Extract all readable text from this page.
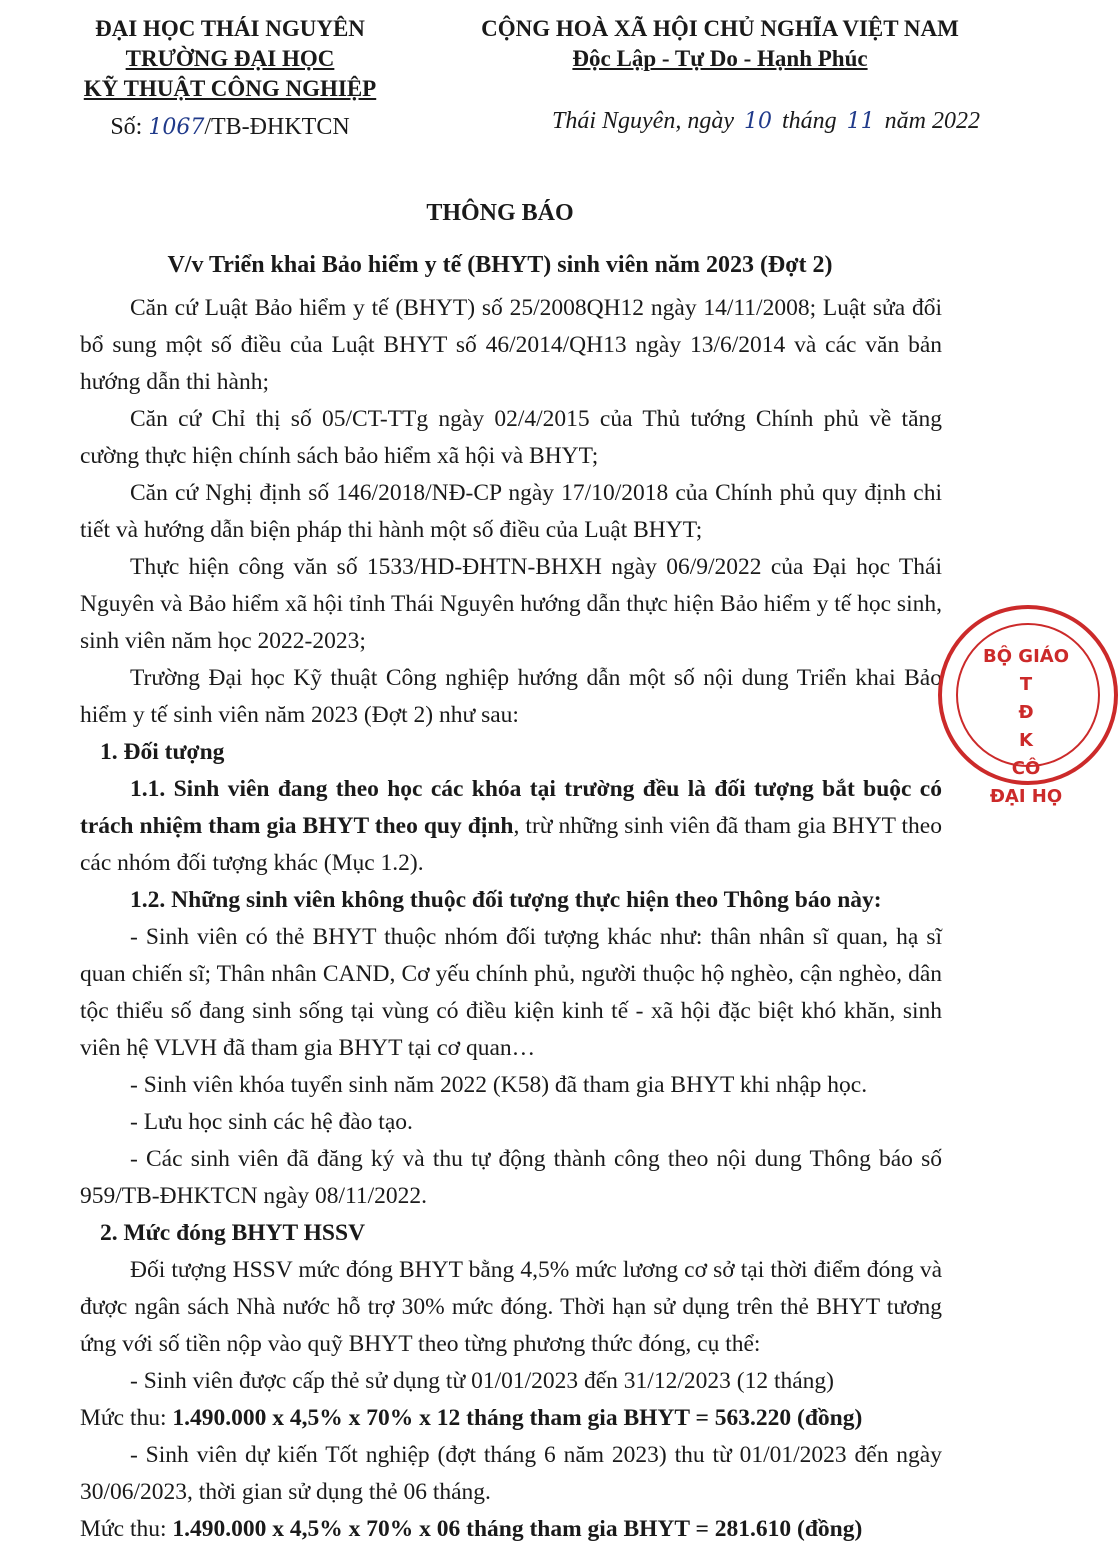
ĐẠI HỌC THÁI NGUYÊN
TRƯỜNG ĐẠI HỌC
KỸ THUẬT CÔNG NGHIỆP
Số: 1067/TB-ĐHKTCN
CỘNG HOÀ XÃ HỘI CHỦ NGHĨA VIỆT NAM
Độc Lập - Tự Do - Hạnh Phúc
Thái Nguyên, ngày 10 tháng 11 năm 2022
THÔNG BÁO
V/v Triển khai Bảo hiểm y tế (BHYT) sinh viên năm 2023 (Đợt 2)

Căn cứ Luật Bảo hiểm y tế (BHYT) số 25/2008QH12 ngày 14/11/2008; Luật sửa đổi bổ sung một số điều của Luật BHYT số 46/2014/QH13 ngày 13/6/2014 và các văn bản hướng dẫn thi hành;

Căn cứ Chỉ thị số 05/CT-TTg ngày 02/4/2015 của Thủ tướng Chính phủ về tăng cường thực hiện chính sách bảo hiểm xã hội và BHYT;

Căn cứ Nghị định số 146/2018/NĐ-CP ngày 17/10/2018 của Chính phủ quy định chi tiết và hướng dẫn biện pháp thi hành một số điều của Luật BHYT;

Thực hiện công văn số 1533/HD-ĐHTN-BHXH ngày 06/9/2022 của Đại học Thái Nguyên và Bảo hiểm xã hội tỉnh Thái Nguyên hướng dẫn thực hiện Bảo hiểm y tế học sinh, sinh viên năm học 2022-2023;

Trường Đại học Kỹ thuật Công nghiệp hướng dẫn một số nội dung Triển khai Bảo hiểm y tế sinh viên năm 2023 (Đợt 2) như sau:

1. Đối tượng

1.1. Sinh viên đang theo học các khóa tại trường đều là đối tượng bắt buộc có trách nhiệm tham gia BHYT theo quy định, trừ những sinh viên đã tham gia BHYT theo các nhóm đối tượng khác (Mục 1.2).

1.2. Những sinh viên không thuộc đối tượng thực hiện theo Thông báo này:

- Sinh viên có thẻ BHYT thuộc nhóm đối tượng khác như: thân nhân sĩ quan, hạ sĩ quan chiến sĩ; Thân nhân CAND, Cơ yếu chính phủ, người thuộc hộ nghèo, cận nghèo, dân tộc thiểu số đang sinh sống tại vùng có điều kiện kinh tế - xã hội đặc biệt khó khăn, sinh viên hệ VLVH đã tham gia BHYT tại cơ quan…

- Sinh viên khóa tuyển sinh năm 2022 (K58) đã tham gia BHYT khi nhập học.

- Lưu học sinh các hệ đào tạo.

- Các sinh viên đã đăng ký và thu tự động thành công theo nội dung Thông báo số 959/TB-ĐHKTCN ngày 08/11/2022.

2. Mức đóng BHYT HSSV

Đối tượng HSSV mức đóng BHYT bằng 4,5% mức lương cơ sở tại thời điểm đóng và được ngân sách Nhà nước hỗ trợ 30% mức đóng. Thời hạn sử dụng trên thẻ BHYT tương ứng với số tiền nộp vào quỹ BHYT theo từng phương thức đóng, cụ thể:

- Sinh viên được cấp thẻ sử dụng từ 01/01/2023 đến 31/12/2023 (12 tháng)

Mức thu: 1.490.000 x 4,5% x 70% x 12 tháng tham gia BHYT = 563.220 (đồng)

- Sinh viên dự kiến Tốt nghiệp (đợt tháng 6 năm 2023) thu từ 01/01/2023 đến ngày 30/06/2023, thời gian sử dụng thẻ 06 tháng.

Mức thu: 1.490.000 x 4,5% x 70% x 06 tháng tham gia BHYT = 281.610 (đồng)

BỘ GIÁO
T
Đ
K
CÔ
ĐẠI HỌ
